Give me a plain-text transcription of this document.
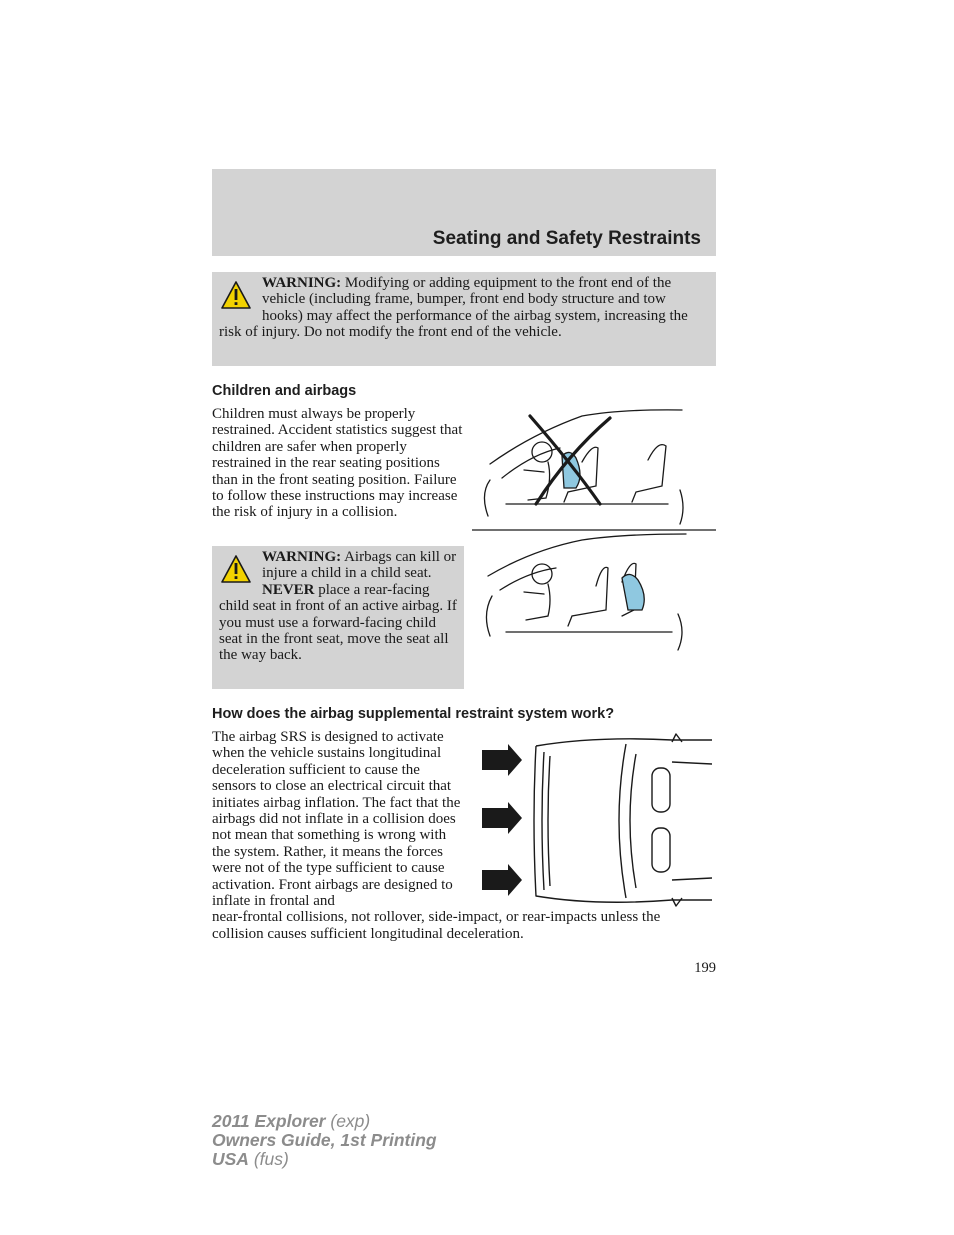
Seating and Safety Restraints

WARNING: Modifying or adding equipment to the front end of the vehicle (including frame, bumper, front end body structure and tow hooks) may affect the performance of the airbag system, increasing the risk of injury. Do not modify the front end of the vehicle.

Children and airbags

Children must always be properly restrained. Accident statistics suggest that children are safer when properly restrained in the rear seating positions than in the front seating position. Failure to follow these instructions may increase the risk of injury in a collision.

WARNING: Airbags can kill or injure a child in a child seat. NEVER place a rear-facing child seat in front of an active airbag. If you must use a forward-facing child seat in the front seat, move the seat all the way back.

How does the airbag supplemental restraint system work?

The airbag SRS is designed to activate when the vehicle sustains longitudinal deceleration sufficient to cause the sensors to close an electrical circuit that initiates airbag inflation. The fact that the airbags did not inflate in a collision does not mean that something is wrong with the system. Rather, it means the forces were not of the type sufficient to cause activation. Front airbags are designed to inflate in frontal and
near-frontal collisions, not rollover, side-impact, or rear-impacts unless the collision causes sufficient longitudinal deceleration.

199

2011 Explorer (exp)
Owners Guide, 1st Printing
USA (fus)
